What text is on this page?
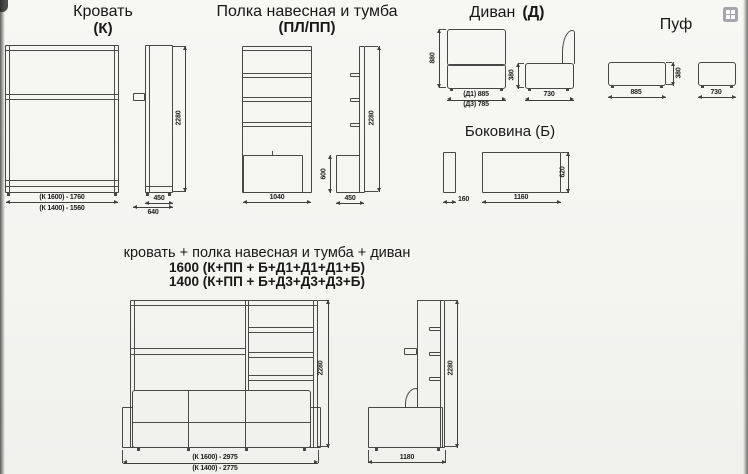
Кровать
(К)
(К 1600) - 1760
(К 1400) - 1560
2280
450
640
Полка навесная и тумба
(ПЛ/ПП)
1040
600
2280
450
Диван (Д)
880
(Д1) 885
(Д3) 785
380
730
Пуф
380
885	730
Боковина (Б)
160	1160
620
кровать + полка навесная и тумба + диван
1600 (К+ПП + Б+Д1+Д1+Д1+Б)
1400 (К+ПП + Б+Д3+Д3+Д3+Б)
2280
(К 1600) - 2975
(К 1400) - 2775
2280
1180
